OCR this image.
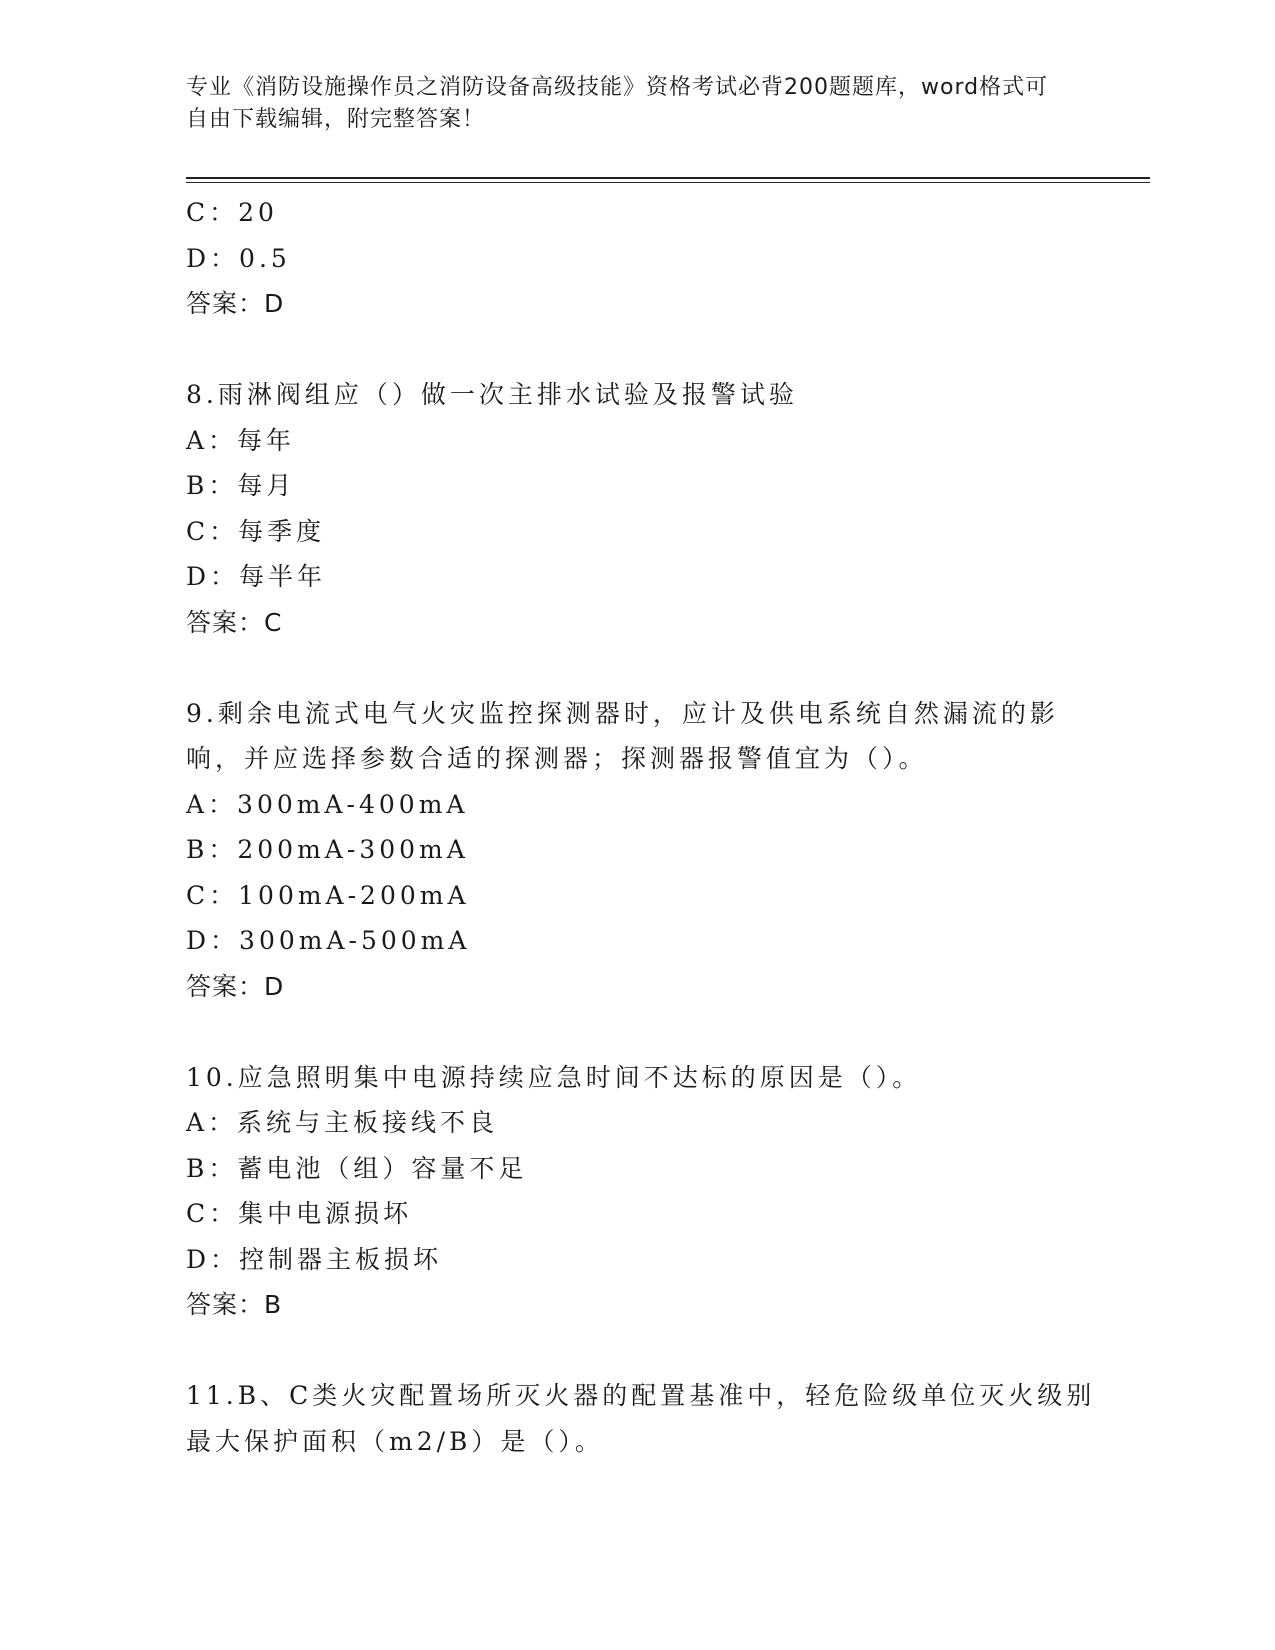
专业《消防设施操作员之消防设备高级技能》资格考试必背200题题库，word格式可自由下载编辑，附完整答案！
C：20
D：0.5
答案：D
8.雨淋阀组应（）做一次主排水试验及报警试验
A：每年
B：每月
C：每季度
D：每半年
答案：C
9.剩余电流式电气火灾监控探测器时，应计及供电系统自然漏流的影
响，并应选择参数合适的探测器；探测器报警值宜为（）。
A：300mA-400mA
B：200mA-300mA
C：100mA-200mA
D：300mA-500mA
答案：D
10.应急照明集中电源持续应急时间不达标的原因是（）。
A：系统与主板接线不良
B：蓄电池（组）容量不足
C：集中电源损坏
D：控制器主板损坏
答案：B
11.B、C类火灾配置场所灭火器的配置基准中，轻危险级单位灭火级别
最大保护面积（m2/B）是（）。
